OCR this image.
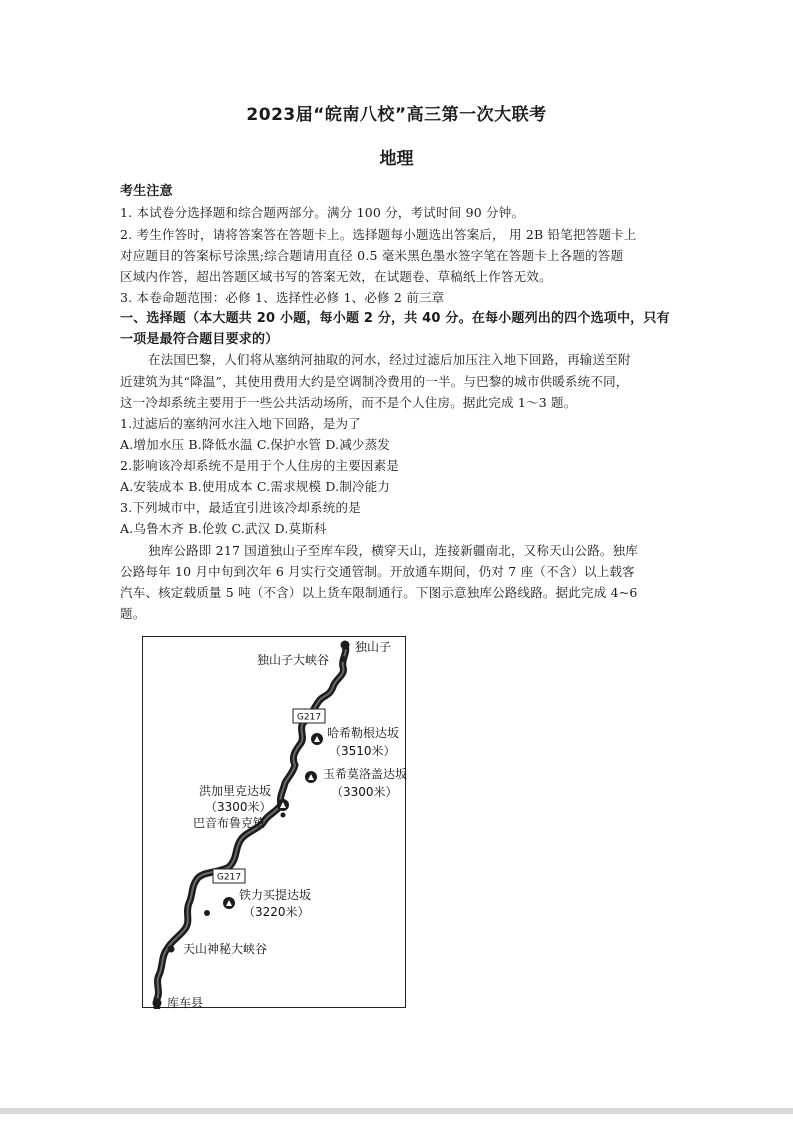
2023届“皖南八校”高三第一次大联考
地理
考生注意
1. 本试卷分选择题和综合题两部分。满分 100 分，考试时间 90 分钟。
2. 考生作答时，请将答案答在答题卡上。选择题每小题选出答案后， 用 2B 铅笔把答题卡上
对应题目的答案标号涂黑;综合题请用直径 0.5 毫米黑色墨水签字笔在答题卡上各题的答题
区域内作答，超出答题区域书写的答案无效，在试题卷、草稿纸上作答无效。
3. 本卷命题范围：必修 1、选择性必修 1、必修 2 前三章
一、选择题（本大题共 20 小题，每小题 2 分，共 40 分。在每小题列出的四个选项中，只有
一项是最符合题目要求的）
在法国巴黎，人们将从塞纳河抽取的河水，经过过滤后加压注入地下回路，再输送至附
近建筑为其“降温”，其使用费用大约是空调制冷费用的一半。与巴黎的城市供暖系统不同，
这一冷却系统主要用于一些公共活动场所，而不是个人住房。据此完成 1～3 题。
1.过滤后的塞纳河水注入地下回路，是为了
A.增加水压 B.降低水温 C.保护水管 D.减少蒸发
2.影响该冷却系统不是用于个人住房的主要因素是
A.安装成本 B.使用成本 C.需求规模 D.制冷能力
3.下列城市中，最适宜引进该冷却系统的是
A.乌鲁木齐 B.伦敦 C.武汉 D.莫斯科
独库公路即 217 国道独山子至库车段，横穿天山，连接新疆南北，又称天山公路。独库
公路每年 10 月中旬到次年 6 月实行交通管制。开放通车期间，仍对 7 座（不含）以上载客
汽车、核定载质量 5 吨（不含）以上货车限制通行。下图示意独库公路线路。据此完成 4~6
题。
G217
G217
独山子
独山子大峡谷
哈希勒根达坂
（3510米）
玉希莫洛盖达坂
（3300米）
洪加里克达坂
（3300米）
巴音布鲁克镇
铁力买提达坂
（3220米）
天山神秘大峡谷
库车县
